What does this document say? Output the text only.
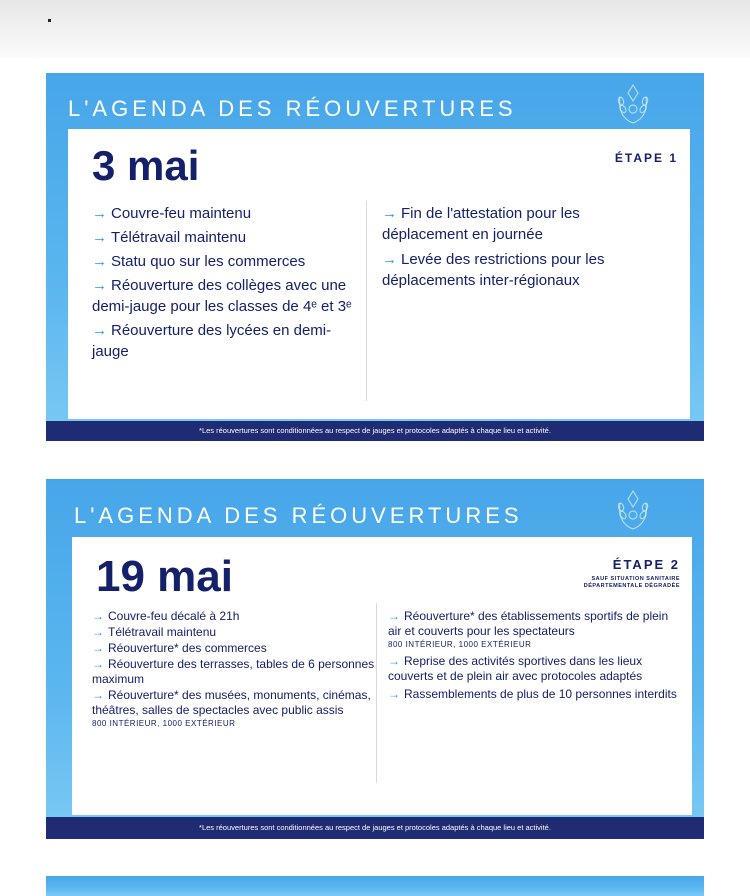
L'AGENDA DES RÉOUVERTURES
3 mai	ÉTAPE 1
→ Couvre-feu maintenu
→ Télétravail maintenu
→ Statu quo sur les commerces
→ Réouverture des collèges avec une demi-jauge pour les classes de 4ᵉ et 3ᵉ
→ Réouverture des lycées en demi-jauge
→ Fin de l'attestation pour les déplacement en journée
→ Levée des restrictions pour les déplacements inter-régionaux
*Les réouvertures sont conditionnées au respect de jauges et protocoles adaptés à chaque lieu et activité.
L'AGENDA DES RÉOUVERTURES
19 mai	ÉTAPE 2
SAUF SITUATION SANITAIRE
DÉPARTEMENTALE DÉGRADÉE
→ Couvre-feu décalé à 21h
→ Télétravail maintenu
→ Réouverture* des commerces
→ Réouverture des terrasses, tables de 6 personnes maximum
→ Réouverture* des musées, monuments, cinémas, théâtres, salles de spectacles avec public assis
800 INTÉRIEUR, 1000 EXTÉRIEUR
→ Réouverture* des établissements sportifs de plein air et couverts pour les spectateurs
800 INTÉRIEUR, 1000 EXTÉRIEUR
→ Reprise des activités sportives dans les lieux couverts et de plein air avec protocoles adaptés
→ Rassemblements de plus de 10 personnes interdits
*Les réouvertures sont conditionnées au respect de jauges et protocoles adaptés à chaque lieu et activité.
